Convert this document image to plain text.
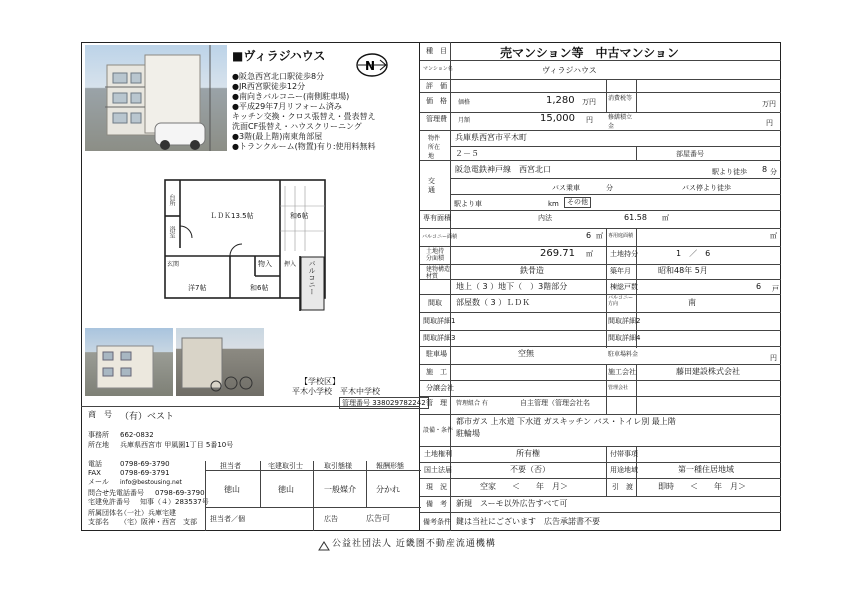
■ヴィラジハウス
N
●阪急西宮北口駅徒歩8分
●JR西宮駅徒歩12分
●南向きバルコニー(南側駐車場)
●平成29年7月リフォーム済み
キッチン交換・クロス張替え・畳表替え
洗面CF張替え・ハウスクリーニング
●3階(最上階)南東角部屋
●トランクルーム(物置)有り:使用料無料
ＬＤＫ13.5帖	和6帖
洋7帖	和6帖
物入 押入 バルコニー
玄関
台所
浴室
【学校区】
平木小学校　平木中学校
管理番号 338029782242
商　号 （有）ベスト
事務所 662-0832
所在地 兵庫県西宮市 甲風園1丁目 5番10号
電話	0798-69-3790
FAX	0798-69-3791
メール info@bestousing.net
問合せ先電話番号 0798-69-3790
宅建免許番号 知事（４）283537号
所属団体名
（一社）兵庫宅建
支部名 （宅）阪神・西宮　支部
担当者	宅建取引士	取引態様	報酬形態
徳山	徳山	一般媒介	分かれ
担当者／個	広告	広告可
種　目	売マンション等　中古マンション
マンション名	ヴィラジハウス
評　価
価　格 価格	1,280 万円 消費税等
万円
管理費 月額	15,000 円	修繕積立金	円
物件所在地
兵庫県西宮市平木町
２－５	部屋番号
交通
阪急電鉄神戸線　西宮北口	駅より徒歩 8 分
バス乗車	分	バス停より徒歩
駅より車	km	その他
専有面積	内法	61.58 ㎡
バルコニー面積	6 ㎡ 専用庭面積	㎡
土地持分面積	269.71 ㎡ 土地持分	1　／　6
建物構造材質
鉄骨造	築年月	昭和48年 5月
地上（ 3 ）地下（　）3階部分	棟総戸数	6 戸
間取 部屋数（ 3 ）ＬＤＫ	バルコニー方向	南
間取詳細1	間取詳細2
間取詳細3	間取詳細4
駐車場	空無	駐車場料金	円
施　工	施工会社	藤田建設株式会社
分譲会社	管理会社
管　理 管理組合 有	自主管理（管理会社名
設備・条件
都市ガス 上水道 下水道 ガスキッチン バス・トイレ別 最上階
駐輪場
土地権利	所有権	付帯事項
国土法届	不要（否）	用途地域	第一種住居地域
現　況	空家　　＜　　年　月＞	引　渡	即時　　＜　　年　月＞
備　考 新規　スーモ以外広告すべて可
備考条件 鍵は当社にございます　広告承諾書不要
公益社団法人 近畿圏不動産流通機構
